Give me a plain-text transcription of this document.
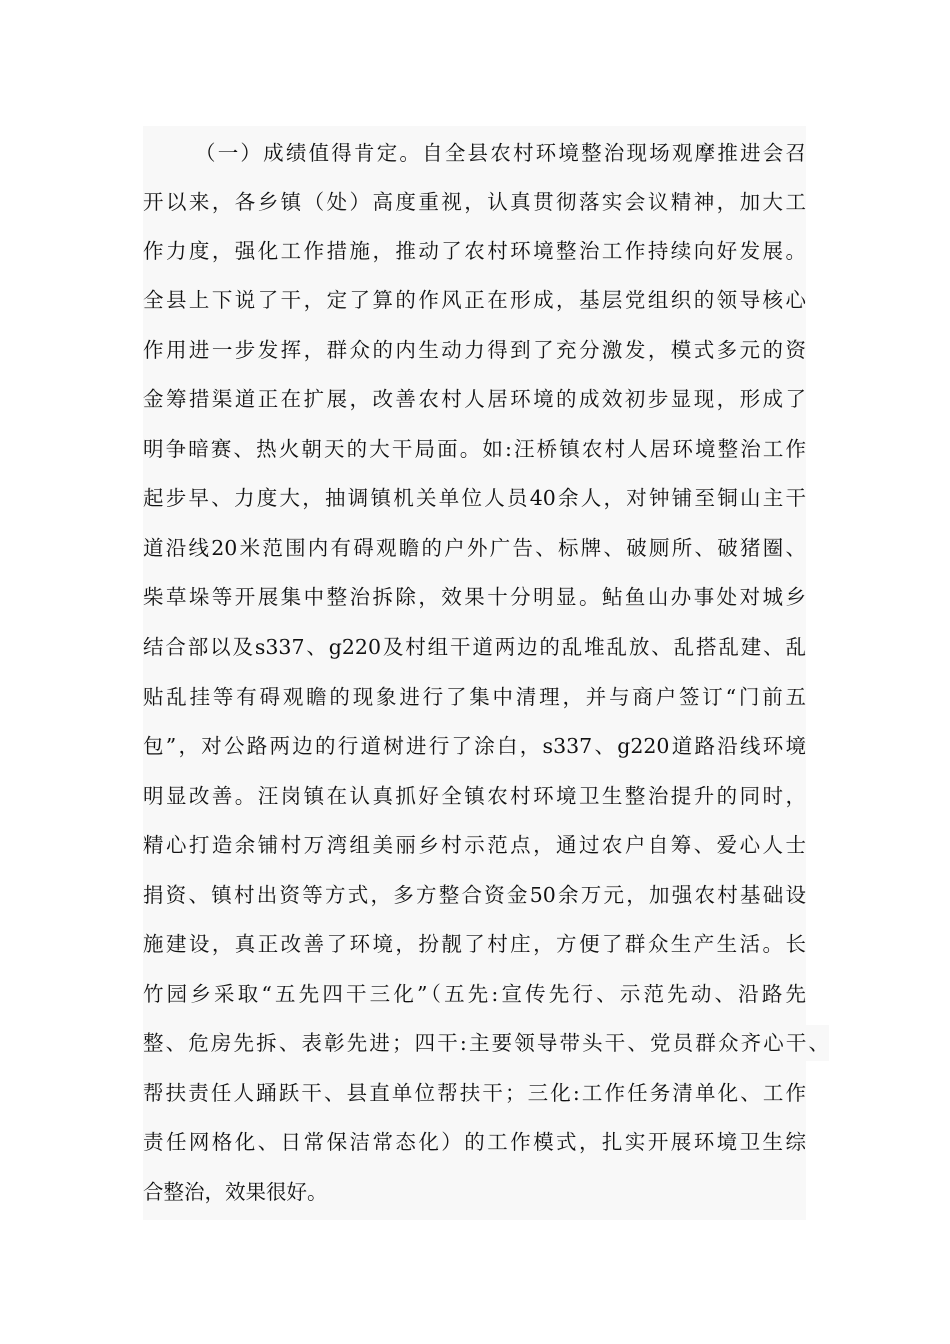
（一）成绩值得肯定。自全县农村环境整治现场观摩推进会召
开以来，各乡镇（处）高度重视，认真贯彻落实会议精神，加大工
作力度，强化工作措施，推动了农村环境整治工作持续向好发展。
全县上下说了干，定了算的作风正在形成，基层党组织的领导核心
作用进一步发挥，群众的内生动力得到了充分激发，模式多元的资
金筹措渠道正在扩展，改善农村人居环境的成效初步显现，形成了
明争暗赛、热火朝天的大干局面。如:汪桥镇农村人居环境整治工作
起步早、力度大，抽调镇机关单位人员40余人，对钟铺至铜山主干
道沿线20米范围内有碍观瞻的户外广告、标牌、破厕所、破猪圈、
柴草垛等开展集中整治拆除，效果十分明显。鲇鱼山办事处对城乡
结合部以及s337、g220及村组干道两边的乱堆乱放、乱搭乱建、乱
贴乱挂等有碍观瞻的现象进行了集中清理，并与商户签订“门前五
包”，对公路两边的行道树进行了涂白，s337、g220道路沿线环境
明显改善。汪岗镇在认真抓好全镇农村环境卫生整治提升的同时，
精心打造余铺村万湾组美丽乡村示范点，通过农户自筹、爱心人士
捐资、镇村出资等方式，多方整合资金50余万元，加强农村基础设
施建设，真正改善了环境，扮靓了村庄，方便了群众生产生活。长
竹园乡采取“五先四干三化”（五先:宣传先行、示范先动、沿路先
整、危房先拆、表彰先进；四干:主要领导带头干、党员群众齐心干、
帮扶责任人踊跃干、县直单位帮扶干；三化:工作任务清单化、工作
责任网格化、日常保洁常态化）的工作模式，扎实开展环境卫生综
合整治，效果很好。
